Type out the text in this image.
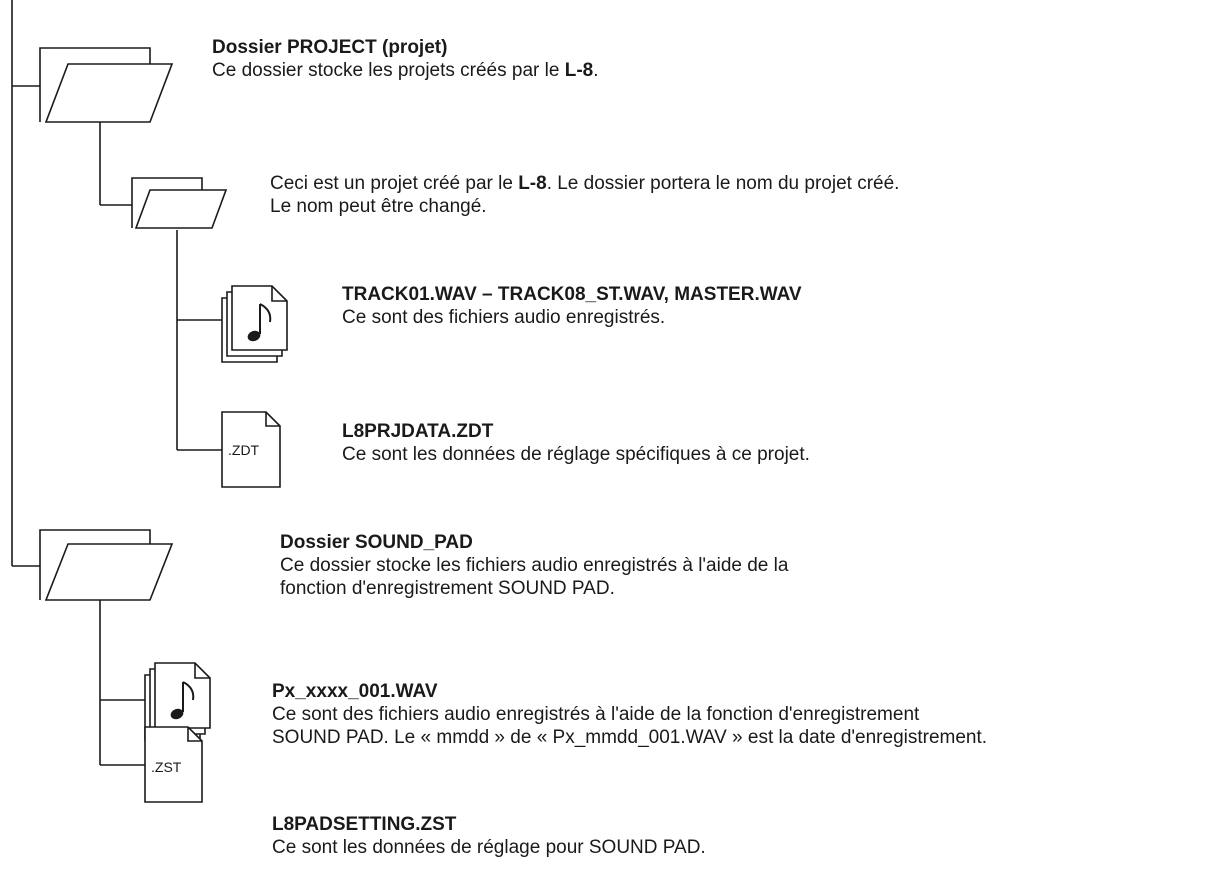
.ZDT
.ZST
Dossier PROJECT (projet)
Ce dossier stocke les projets créés par le L-8.
Ceci est un projet créé par le L-8. Le dossier portera le nom du projet créé.
Le nom peut être changé.
TRACK01.WAV – TRACK08_ST.WAV, MASTER.WAV
Ce sont des fichiers audio enregistrés.
L8PRJDATA.ZDT
Ce sont les données de réglage spécifiques à ce projet.
Dossier SOUND_PAD
Ce dossier stocke les fichiers audio enregistrés à l'aide de la
fonction d'enregistrement SOUND PAD.
Px_xxxx_001.WAV
Ce sont des fichiers audio enregistrés à l'aide de la fonction d'enregistrement
SOUND PAD. Le « mmdd » de « Px_mmdd_001.WAV » est la date d'enregistrement.
L8PADSETTING.ZST
Ce sont les données de réglage pour SOUND PAD.
